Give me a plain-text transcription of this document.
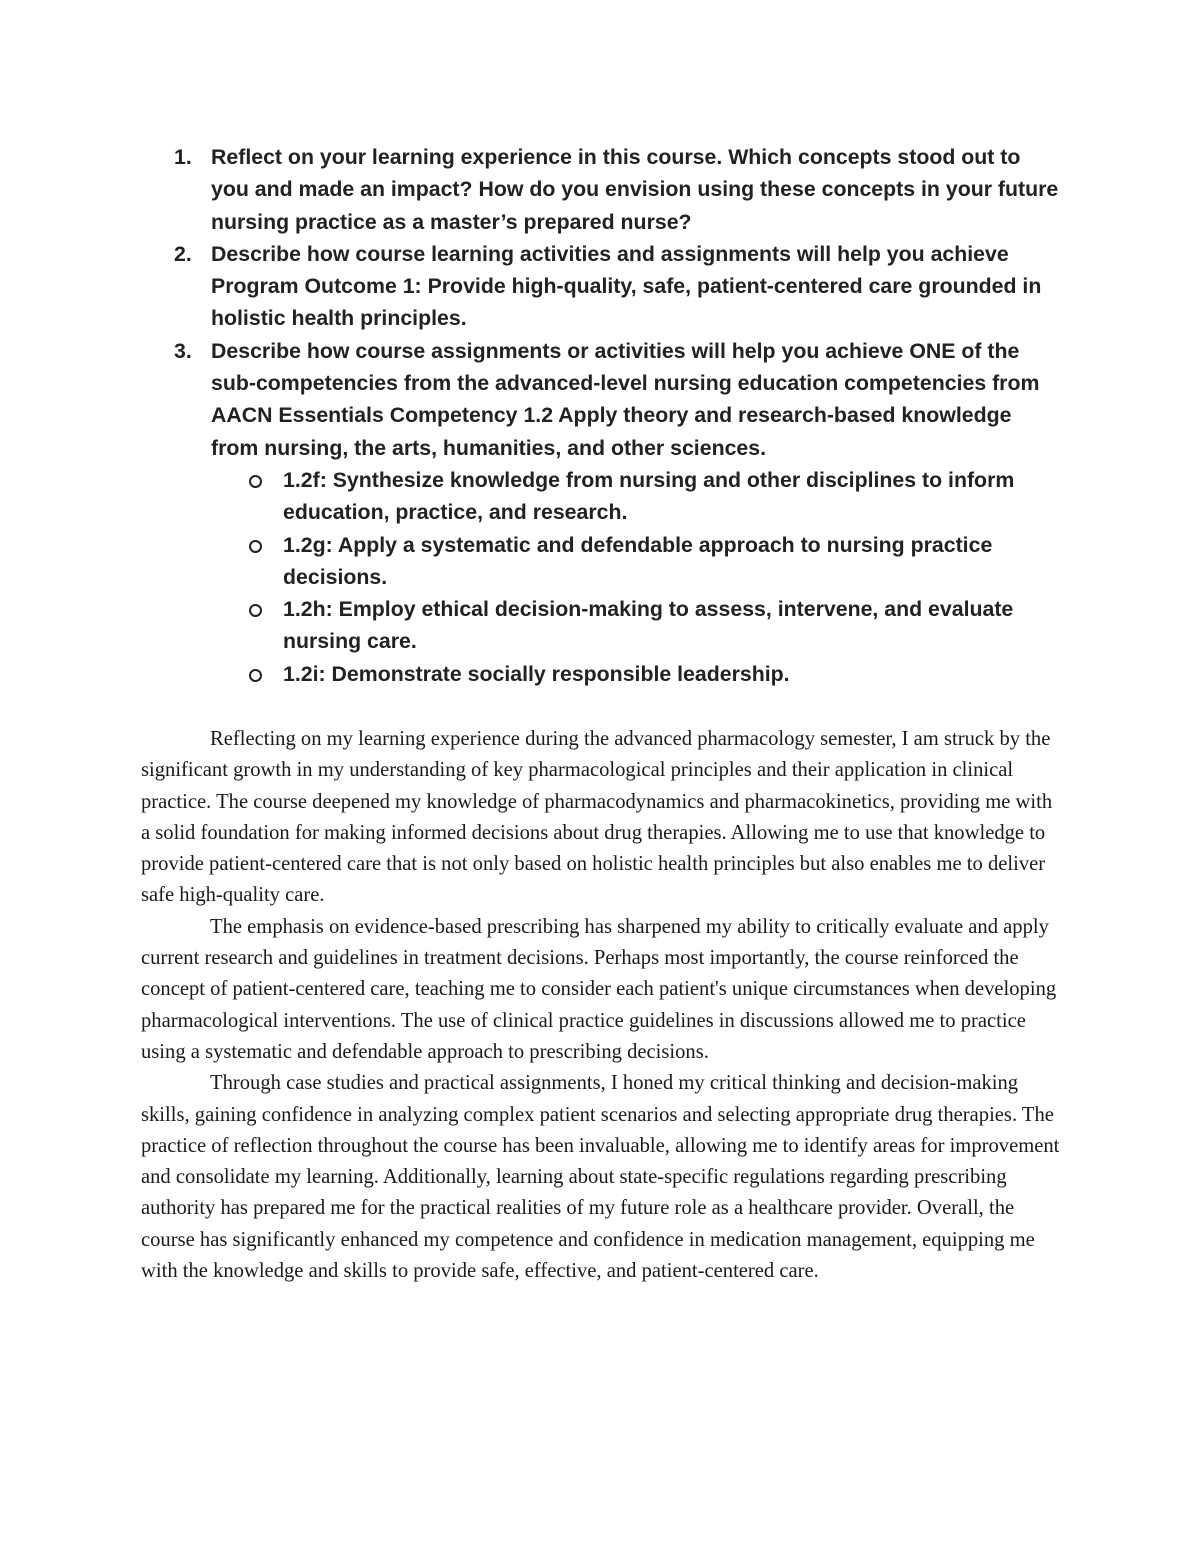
1. Reflect on your learning experience in this course. Which concepts stood out to you and made an impact? How do you envision using these concepts in your future nursing practice as a master’s prepared nurse?
2. Describe how course learning activities and assignments will help you achieve Program Outcome 1: Provide high-quality, safe, patient-centered care grounded in holistic health principles.
3. Describe how course assignments or activities will help you achieve ONE of the sub-competencies from the advanced-level nursing education competencies from AACN Essentials Competency 1.2 Apply theory and research-based knowledge from nursing, the arts, humanities, and other sciences.
1.2f: Synthesize knowledge from nursing and other disciplines to inform education, practice, and research.
1.2g: Apply a systematic and defendable approach to nursing practice decisions.
1.2h: Employ ethical decision-making to assess, intervene, and evaluate nursing care.
1.2i: Demonstrate socially responsible leadership.

Reflecting on my learning experience during the advanced pharmacology semester, I am struck by the significant growth in my understanding of key pharmacological principles and their application in clinical practice. The course deepened my knowledge of pharmacodynamics and pharmacokinetics, providing me with a solid foundation for making informed decisions about drug therapies. Allowing me to use that knowledge to provide patient-centered care that is not only based on holistic health principles but also enables me to deliver safe high-quality care.

The emphasis on evidence-based prescribing has sharpened my ability to critically evaluate and apply current research and guidelines in treatment decisions. Perhaps most importantly, the course reinforced the concept of patient-centered care, teaching me to consider each patient's unique circumstances when developing pharmacological interventions. The use of clinical practice guidelines in discussions allowed me to practice using a systematic and defendable approach to prescribing decisions.

Through case studies and practical assignments, I honed my critical thinking and decision-making skills, gaining confidence in analyzing complex patient scenarios and selecting appropriate drug therapies. The practice of reflection throughout the course has been invaluable, allowing me to identify areas for improvement and consolidate my learning. Additionally, learning about state-specific regulations regarding prescribing authority has prepared me for the practical realities of my future role as a healthcare provider. Overall, the course has significantly enhanced my competence and confidence in medication management, equipping me with the knowledge and skills to provide safe, effective, and patient-centered care.
